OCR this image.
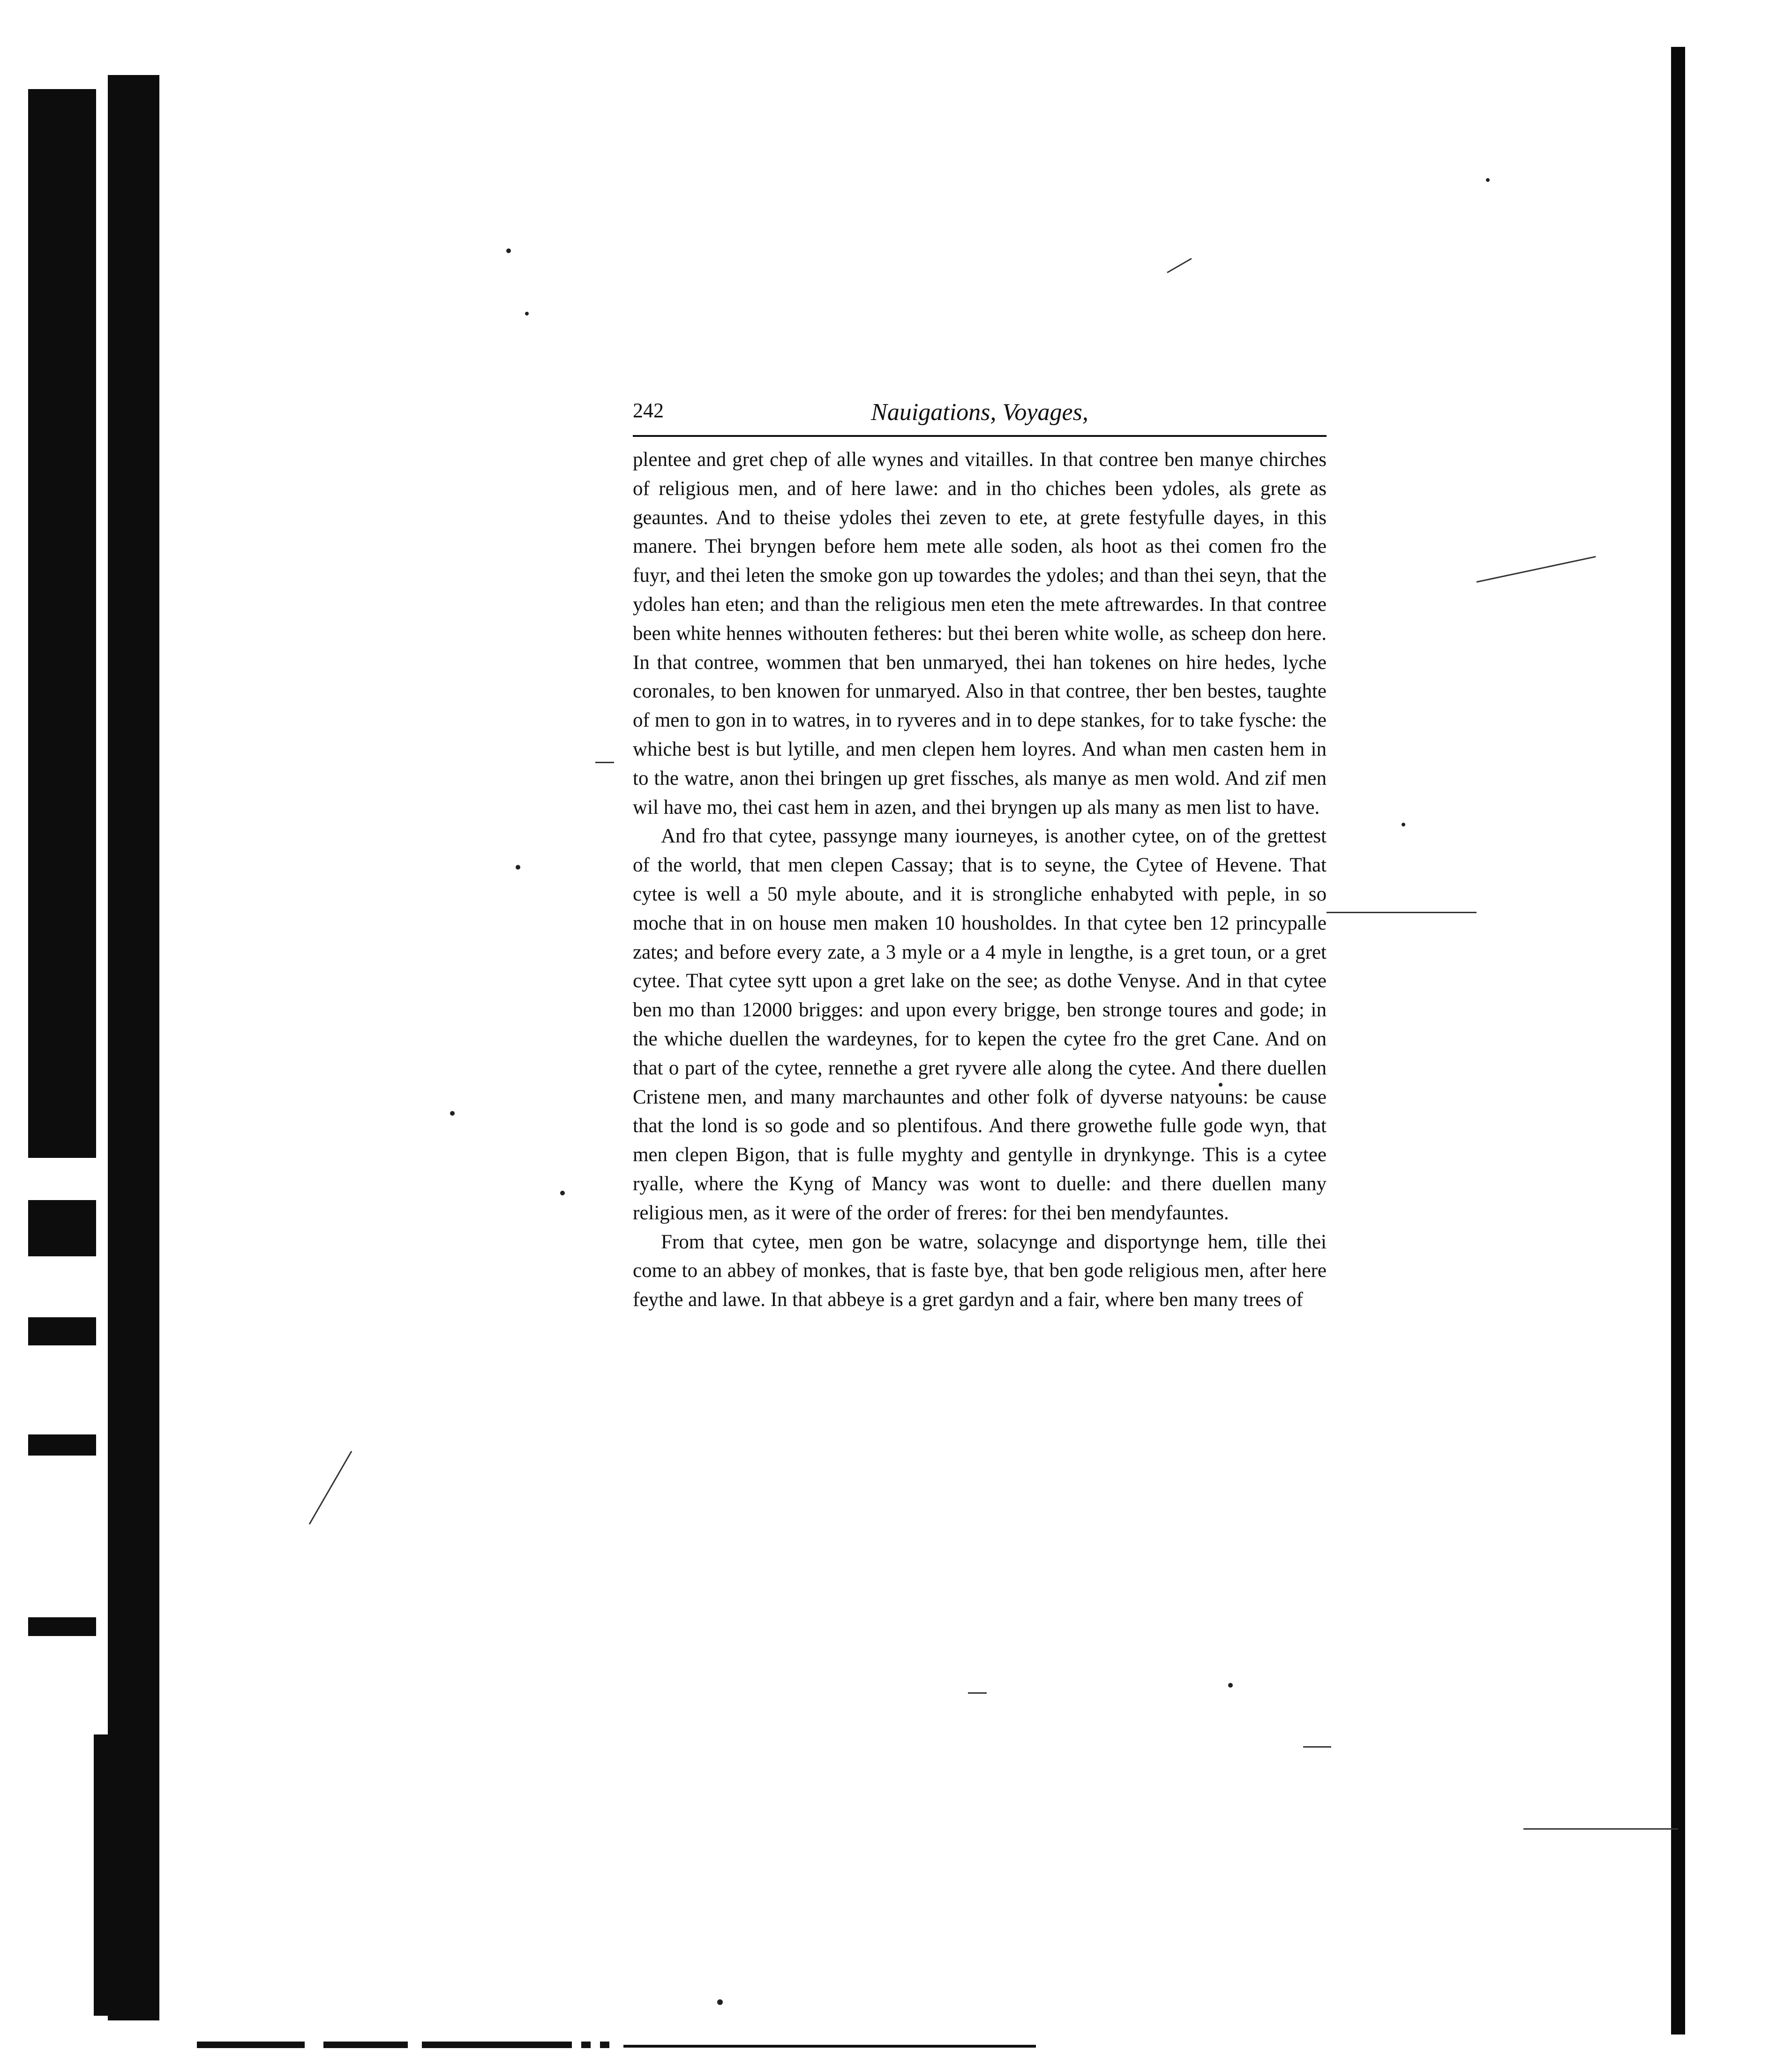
242	Nauigations, Voyages,

plentee and gret chep of alle wynes and vitailles. In that contree ben manye chirches of religious men, and of here lawe: and in tho chiches been ydoles, als grete as geauntes. And to theise ydoles thei zeven to ete, at grete festyfulle dayes, in this manere. Thei bryngen before hem mete alle soden, als hoot as thei comen fro the fuyr, and thei leten the smoke gon up towardes the ydoles; and than thei seyn, that the ydoles han eten; and than the religious men eten the mete aftrewardes. In that contree been white hennes withouten fetheres: but thei beren white wolle, as scheep don here. In that contree, wommen that ben unmaryed, thei han tokenes on hire hedes, lyche coronales, to ben knowen for unmaryed. Also in that contree, ther ben bestes, taughte of men to gon in to watres, in to ryveres and in to depe stankes, for to take fysche: the whiche best is but lytille, and men clepen hem loyres. And whan men casten hem in to the watre, anon thei bringen up gret fissches, als manye as men wold. And zif men wil have mo, thei cast hem in azen, and thei bryngen up als many as men list to have.

And fro that cytee, passynge many iourneyes, is another cytee, on of the grettest of the world, that men clepen Cassay; that is to seyne, the Cytee of Hevene. That cytee is well a 50 myle aboute, and it is strongliche enhabyted with peple, in so moche that in on house men maken 10 housholdes. In that cytee ben 12 princypalle zates; and before every zate, a 3 myle or a 4 myle in lengthe, is a gret toun, or a gret cytee. That cytee sytt upon a gret lake on the see; as dothe Venyse. And in that cytee ben mo than 12000 brigges: and upon every brigge, ben stronge toures and gode; in the whiche duellen the wardeynes, for to kepen the cytee fro the gret Cane. And on that o part of the cytee, rennethe a gret ryvere alle along the cytee. And there duellen Cristene men, and many marchauntes and other folk of dyverse natyouns: be cause that the lond is so gode and so plentifous. And there growethe fulle gode wyn, that men clepen Bigon, that is fulle myghty and gentylle in drynkynge. This is a cytee ryalle, where the Kyng of Mancy was wont to duelle: and there duellen many religious men, as it were of the order of freres: for thei ben mendyfauntes.

From that cytee, men gon be watre, solacynge and disportynge hem, tille thei come to an abbey of monkes, that is faste bye, that ben gode religious men, after here feythe and lawe. In that abbeye is a gret gardyn and a fair, where ben many trees of
